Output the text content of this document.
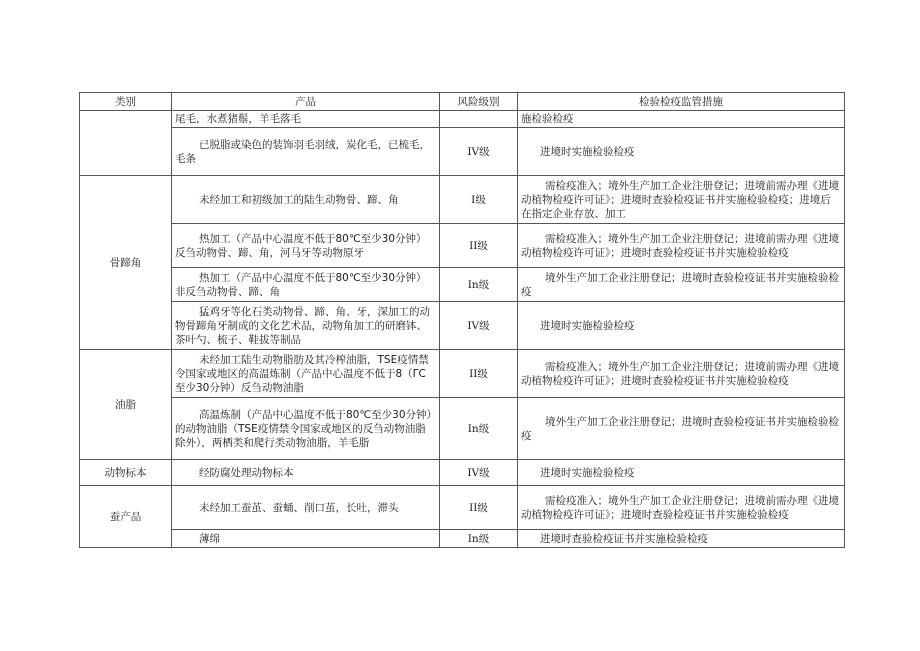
类别	产品	风险级别	检验检疫监管措施
	尾毛，水煮猪鬃，羊毛落毛		施检验检疫
	已脱脂或染色的装饰羽毛羽绒，炭化毛，已梳毛，毛条	IV级	进境时实施检验检疫
骨蹄角	未经加工和初级加工的陆生动物骨、蹄、角	I级	需检疫准入；境外生产加工企业注册登记；进境前需办理《进境动植物检疫许可证》；进境时查验检疫证书并实施检验检疫；进境后在指定企业存放、加工
	热加工（产品中心温度不低于80℃至少30分钟）反刍动物骨、蹄、角，河马牙等动物原牙	II级	需检疫准入；境外生产加工企业注册登记；进境前需办理《进境动植物检疫许可证》；进境时查验检疫证书并实施检验检疫
	热加工（产品中心温度不低于80℃至少30分钟）非反刍动物骨、蹄、角	In级	境外生产加工企业注册登记；进境时查验检疫证书并实施检验检疫
	猛鸡牙等化石类动物骨、蹄、角、牙，深加工的动物骨蹄角牙制成的文化艺术品，动物角加工的研磨钵、茶叶勺、梳子、鞋拔等制品	IV级	进境时实施检验检疫
油脂	未经加工陆生动物脂肪及其冷榨油脂，TSE疫情禁令国家或地区的高温炼制（产品中心温度不低于8（ΓC至少30分钟）反刍动物油脂	II级	需检疫准入；境外生产加工企业注册登记；进境前需办理《进境动植物检疫许可证》；进境时查验检疫证书并实施检验检疫
	高温炼制（产品中心温度不低于80℃至少30分钟）的动物油脂（TSE疫情禁令国家或地区的反刍动物油脂除外），两栖类和爬行类动物油脂，羊毛脂	In级	境外生产加工企业注册登记；进境时查验检疫证书并实施检验检疫
动物标本	经防腐处理动物标本	IV级	进境时实施检验检疫
蚕产品	未经加工蚕茧、蚕蛹、削口茧，长吐，滞头	II级	需检疫准入；境外生产加工企业注册登记；进境前需办理《进境动植物检疫许可证》；进境时查验检疫证书并实施检验检疫
	薄绵	In级	进境时查验检疫证书并实施检验检疫
